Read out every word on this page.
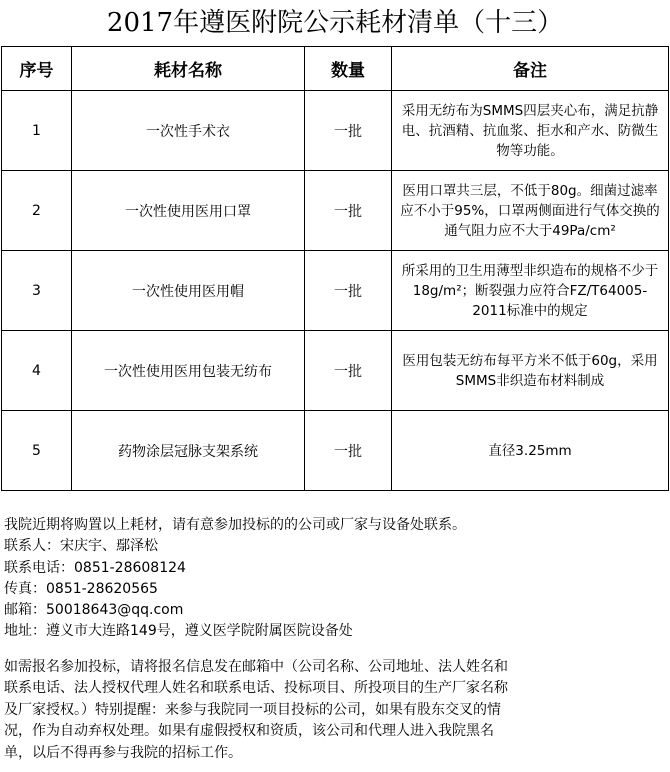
2017年遵医附院公示耗材清单（十三）
序号	耗材名称	数量	备注
1	一次性手术衣	一批	采用无纺布为SMMS四层夹心布，满足抗静电、抗酒精、抗血浆、拒水和产水、防微生物等功能。
2	一次性使用医用口罩	一批	医用口罩共三层，不低于80g。细菌过滤率应不小于95%，口罩两侧面进行气体交换的通气阻力应不大于49Pa/cm²
3	一次性使用医用帽	一批	所采用的卫生用薄型非织造布的规格不少于18g/m²；断裂强力应符合FZ/T64005-2011标准中的规定
4	一次性使用医用包装无纺布	一批	医用包装无纺布每平方米不低于60g，采用SMMS非织造布材料制成
5	药物涂层冠脉支架系统	一批	直径3.25mm
我院近期将购置以上耗材，请有意参加投标的的公司或厂家与设备处联系。
联系人：宋庆宇、鄢泽松
联系电话：0851-28608124
传真：0851-28620565
邮箱：50018643@qq.com
地址：遵义市大连路149号，遵义医学院附属医院设备处
如需报名参加投标，请将报名信息发在邮箱中（公司名称、公司地址、法人姓名和
联系电话、法人授权代理人姓名和联系电话、投标项目、所投项目的生产厂家名称
及厂家授权。）特别提醒：来参与我院同一项目投标的公司，如果有股东交叉的情
况，作为自动弃权处理。如果有虚假授权和资质，该公司和代理人进入我院黑名
单，以后不得再参与我院的招标工作。
